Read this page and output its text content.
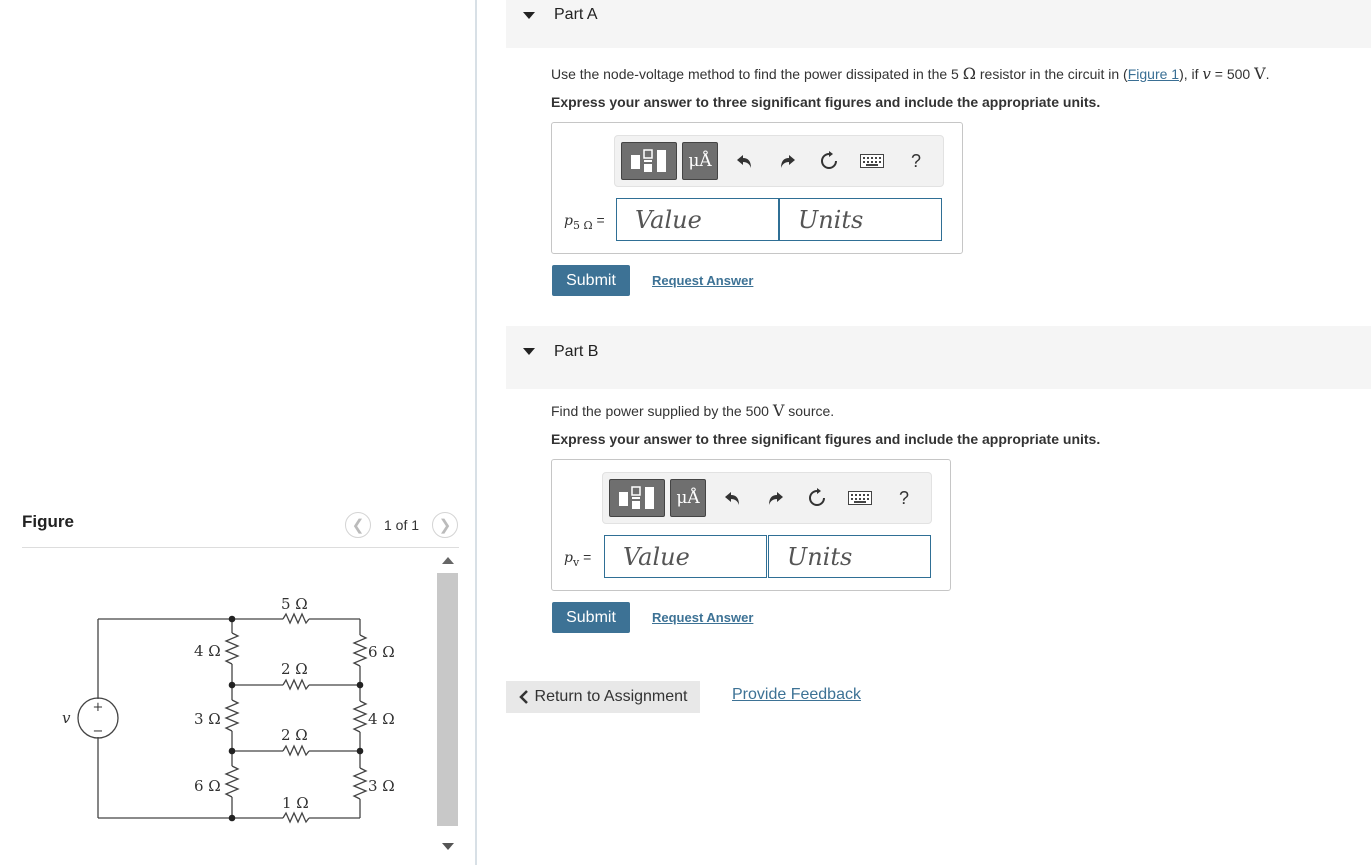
Figure	❮ 1 of 1 ❯
+
−
v
5 Ω
2 Ω
2 Ω
1 Ω
4 Ω
3 Ω
6 Ω
6 Ω
4 Ω
3 Ω
Part A
Use the node-voltage method to find the power dissipated in the 5 Ω resistor in the circuit in (Figure 1), if v = 500 V.
Express your answer to three significant figures and include the appropriate units.
μÅ	?
$p_{5 \Omega}$ =
Value
Units
Submit	Request Answer
Part B
Find the power supplied by the 500 V source.
Express your answer to three significant figures and include the appropriate units.
μÅ	?
$p_v$ =
Value
Units
Submit	Request Answer
Return to Assignment	Provide Feedback
